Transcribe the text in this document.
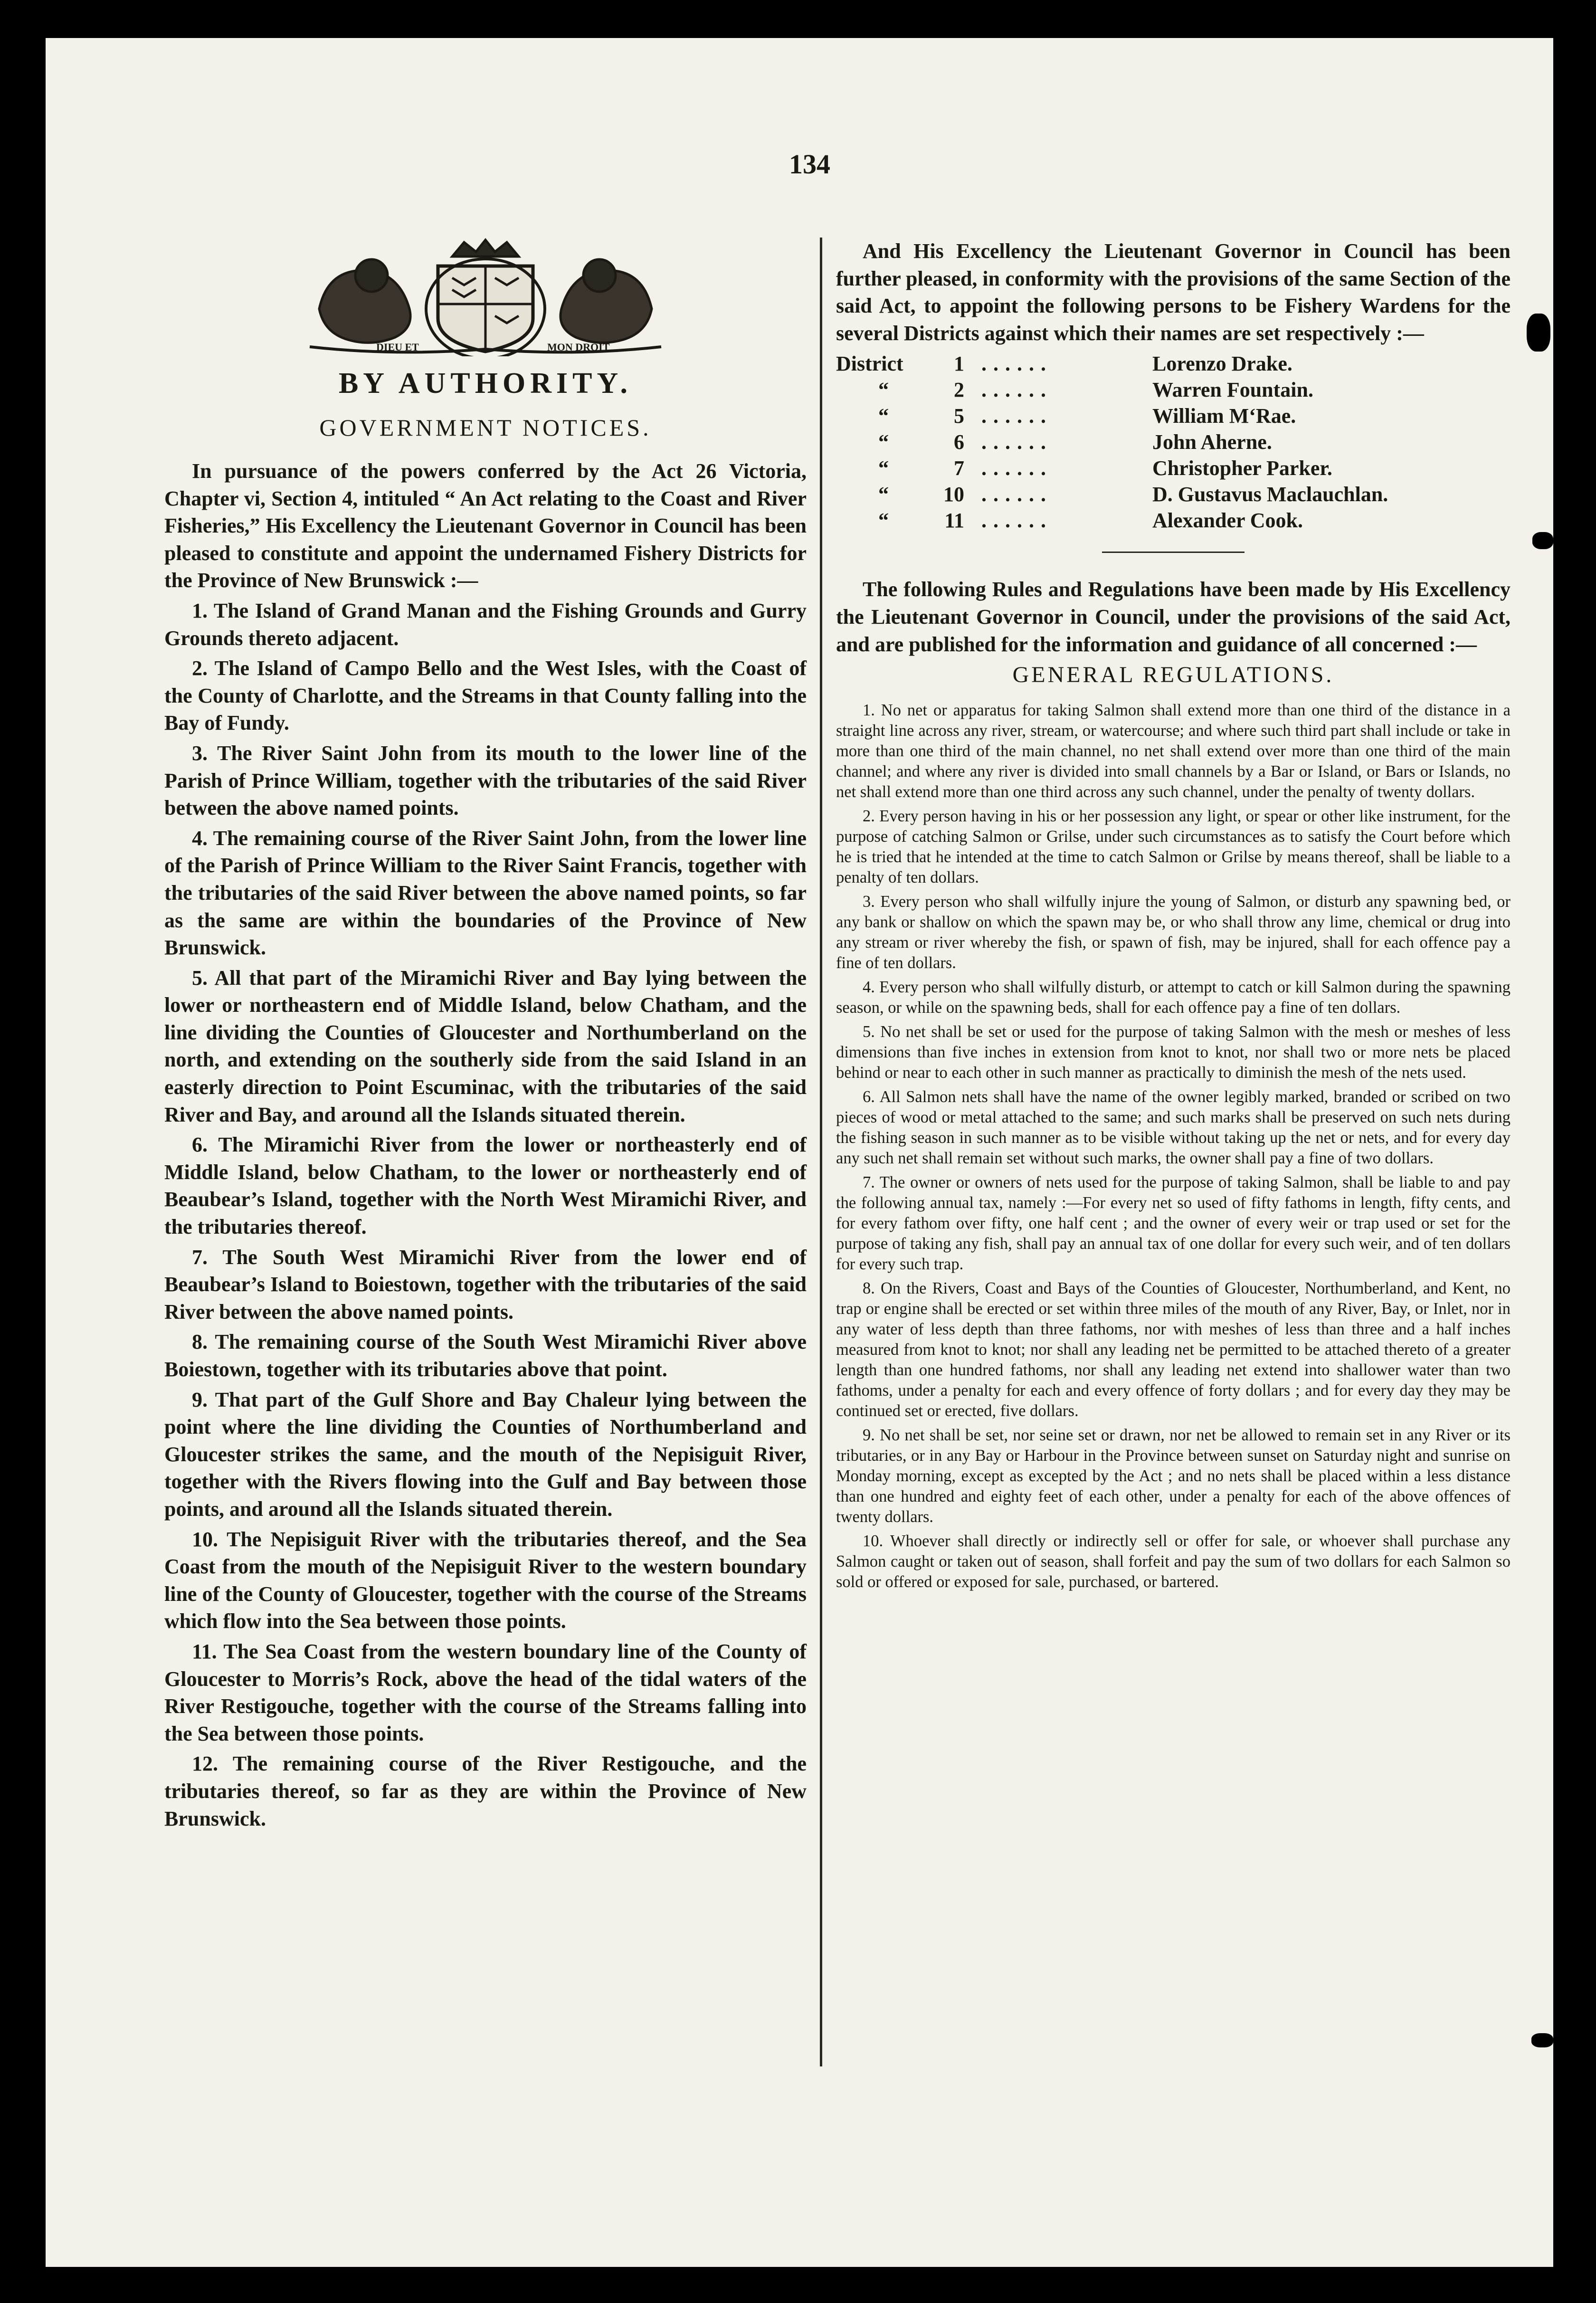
134
DIEU ET	MON DROIT
BY AUTHORITY.
GOVERNMENT NOTICES.

In pursuance of the powers conferred by the Act 26 Victoria, Chapter vi, Section 4, intituled “ An Act relating to the Coast and River Fisheries,” His Excellency the Lieutenant Governor in Council has been pleased to constitute and appoint the undernamed Fishery Districts for the Province of New Brunswick :—

1. The Island of Grand Manan and the Fishing Grounds and Gurry Grounds thereto adjacent.

2. The Island of Campo Bello and the West Isles, with the Coast of the County of Charlotte, and the Streams in that County falling into the Bay of Fundy.

3. The River Saint John from its mouth to the lower line of the Parish of Prince William, together with the tributaries of the said River between the above named points.

4. The remaining course of the River Saint John, from the lower line of the Parish of Prince William to the River Saint Francis, together with the tributaries of the said River between the above named points, so far as the same are within the boundaries of the Province of New Brunswick.

5. All that part of the Miramichi River and Bay lying between the lower or northeastern end of Middle Island, below Chatham, and the line dividing the Counties of Gloucester and Northumberland on the north, and extending on the southerly side from the said Island in an easterly direction to Point Escuminac, with the tributaries of the said River and Bay, and around all the Islands situated therein.

6. The Miramichi River from the lower or northeasterly end of Middle Island, below Chatham, to the lower or northeasterly end of Beaubear’s Island, together with the North West Miramichi River, and the tributaries thereof.

7. The South West Miramichi River from the lower end of Beaubear’s Island to Boiestown, together with the tributaries of the said River between the above named points.

8. The remaining course of the South West Miramichi River above Boiestown, together with its tributaries above that point.

9. That part of the Gulf Shore and Bay Chaleur lying between the point where the line dividing the Counties of Northumberland and Gloucester strikes the same, and the mouth of the Nepisiguit River, together with the Rivers flowing into the Gulf and Bay between those points, and around all the Islands situated therein.

10. The Nepisiguit River with the tributaries thereof, and the Sea Coast from the mouth of the Nepisiguit River to the western boundary line of the County of Gloucester, together with the course of the Streams which flow into the Sea between those points.

11. The Sea Coast from the western boundary line of the County of Gloucester to Morris’s Rock, above the head of the tidal waters of the River Restigouche, together with the course of the Streams falling into the Sea between those points.

12. The remaining course of the River Restigouche, and the tributaries thereof, so far as they are within the Province of New Brunswick.

And His Excellency the Lieutenant Governor in Council has been further pleased, in conformity with the provisions of the same Section of the said Act, to appoint the following persons to be Fishery Wardens for the several Districts against which their names are set respectively :—

District	1 ......	Lorenzo Drake.
“	2 ......	Warren Fountain.
“	5 ......	William M‘Rae.
“	6 ......	John Aherne.
“	7 ......	Christopher Parker.
“	10 ......	D. Gustavus Maclauchlan.
“	11 ......	Alexander Cook.

The following Rules and Regulations have been made by His Excellency the Lieutenant Governor in Council, under the provisions of the said Act, and are published for the information and guidance of all concerned :—

GENERAL REGULATIONS.

1. No net or apparatus for taking Salmon shall extend more than one third of the distance in a straight line across any river, stream, or watercourse; and where such third part shall include or take in more than one third of the main channel, no net shall extend over more than one third of the main channel; and where any river is divided into small channels by a Bar or Island, or Bars or Islands, no net shall extend more than one third across any such channel, under the penalty of twenty dollars.

2. Every person having in his or her possession any light, or spear or other like instrument, for the purpose of catching Salmon or Grilse, under such circumstances as to satisfy the Court before which he is tried that he intended at the time to catch Salmon or Grilse by means thereof, shall be liable to a penalty of ten dollars.

3. Every person who shall wilfully injure the young of Salmon, or disturb any spawning bed, or any bank or shallow on which the spawn may be, or who shall throw any lime, chemical or drug into any stream or river whereby the fish, or spawn of fish, may be injured, shall for each offence pay a fine of ten dollars.

4. Every person who shall wilfully disturb, or attempt to catch or kill Salmon during the spawning season, or while on the spawning beds, shall for each offence pay a fine of ten dollars.

5. No net shall be set or used for the purpose of taking Salmon with the mesh or meshes of less dimensions than five inches in extension from knot to knot, nor shall two or more nets be placed behind or near to each other in such manner as practically to diminish the mesh of the nets used.

6. All Salmon nets shall have the name of the owner legibly marked, branded or scribed on two pieces of wood or metal attached to the same; and such marks shall be preserved on such nets during the fishing season in such manner as to be visible without taking up the net or nets, and for every day any such net shall remain set without such marks, the owner shall pay a fine of two dollars.

7. The owner or owners of nets used for the purpose of taking Salmon, shall be liable to and pay the following annual tax, namely :—For every net so used of fifty fathoms in length, fifty cents, and for every fathom over fifty, one half cent ; and the owner of every weir or trap used or set for the purpose of taking any fish, shall pay an annual tax of one dollar for every such weir, and of ten dollars for every such trap.

8. On the Rivers, Coast and Bays of the Counties of Gloucester, Northumberland, and Kent, no trap or engine shall be erected or set within three miles of the mouth of any River, Bay, or Inlet, nor in any water of less depth than three fathoms, nor with meshes of less than three and a half inches measured from knot to knot; nor shall any leading net be permitted to be attached thereto of a greater length than one hundred fathoms, nor shall any leading net extend into shallower water than two fathoms, under a penalty for each and every offence of forty dollars ; and for every day they may be continued set or erected, five dollars.

9. No net shall be set, nor seine set or drawn, nor net be allowed to remain set in any River or its tributaries, or in any Bay or Harbour in the Province between sunset on Saturday night and sunrise on Monday morning, except as excepted by the Act ; and no nets shall be placed within a less distance than one hundred and eighty feet of each other, under a penalty for each of the above offences of twenty dollars.

10. Whoever shall directly or indirectly sell or offer for sale, or whoever shall purchase any Salmon caught or taken out of season, shall forfeit and pay the sum of two dollars for each Salmon so sold or offered or exposed for sale, purchased, or bartered.
